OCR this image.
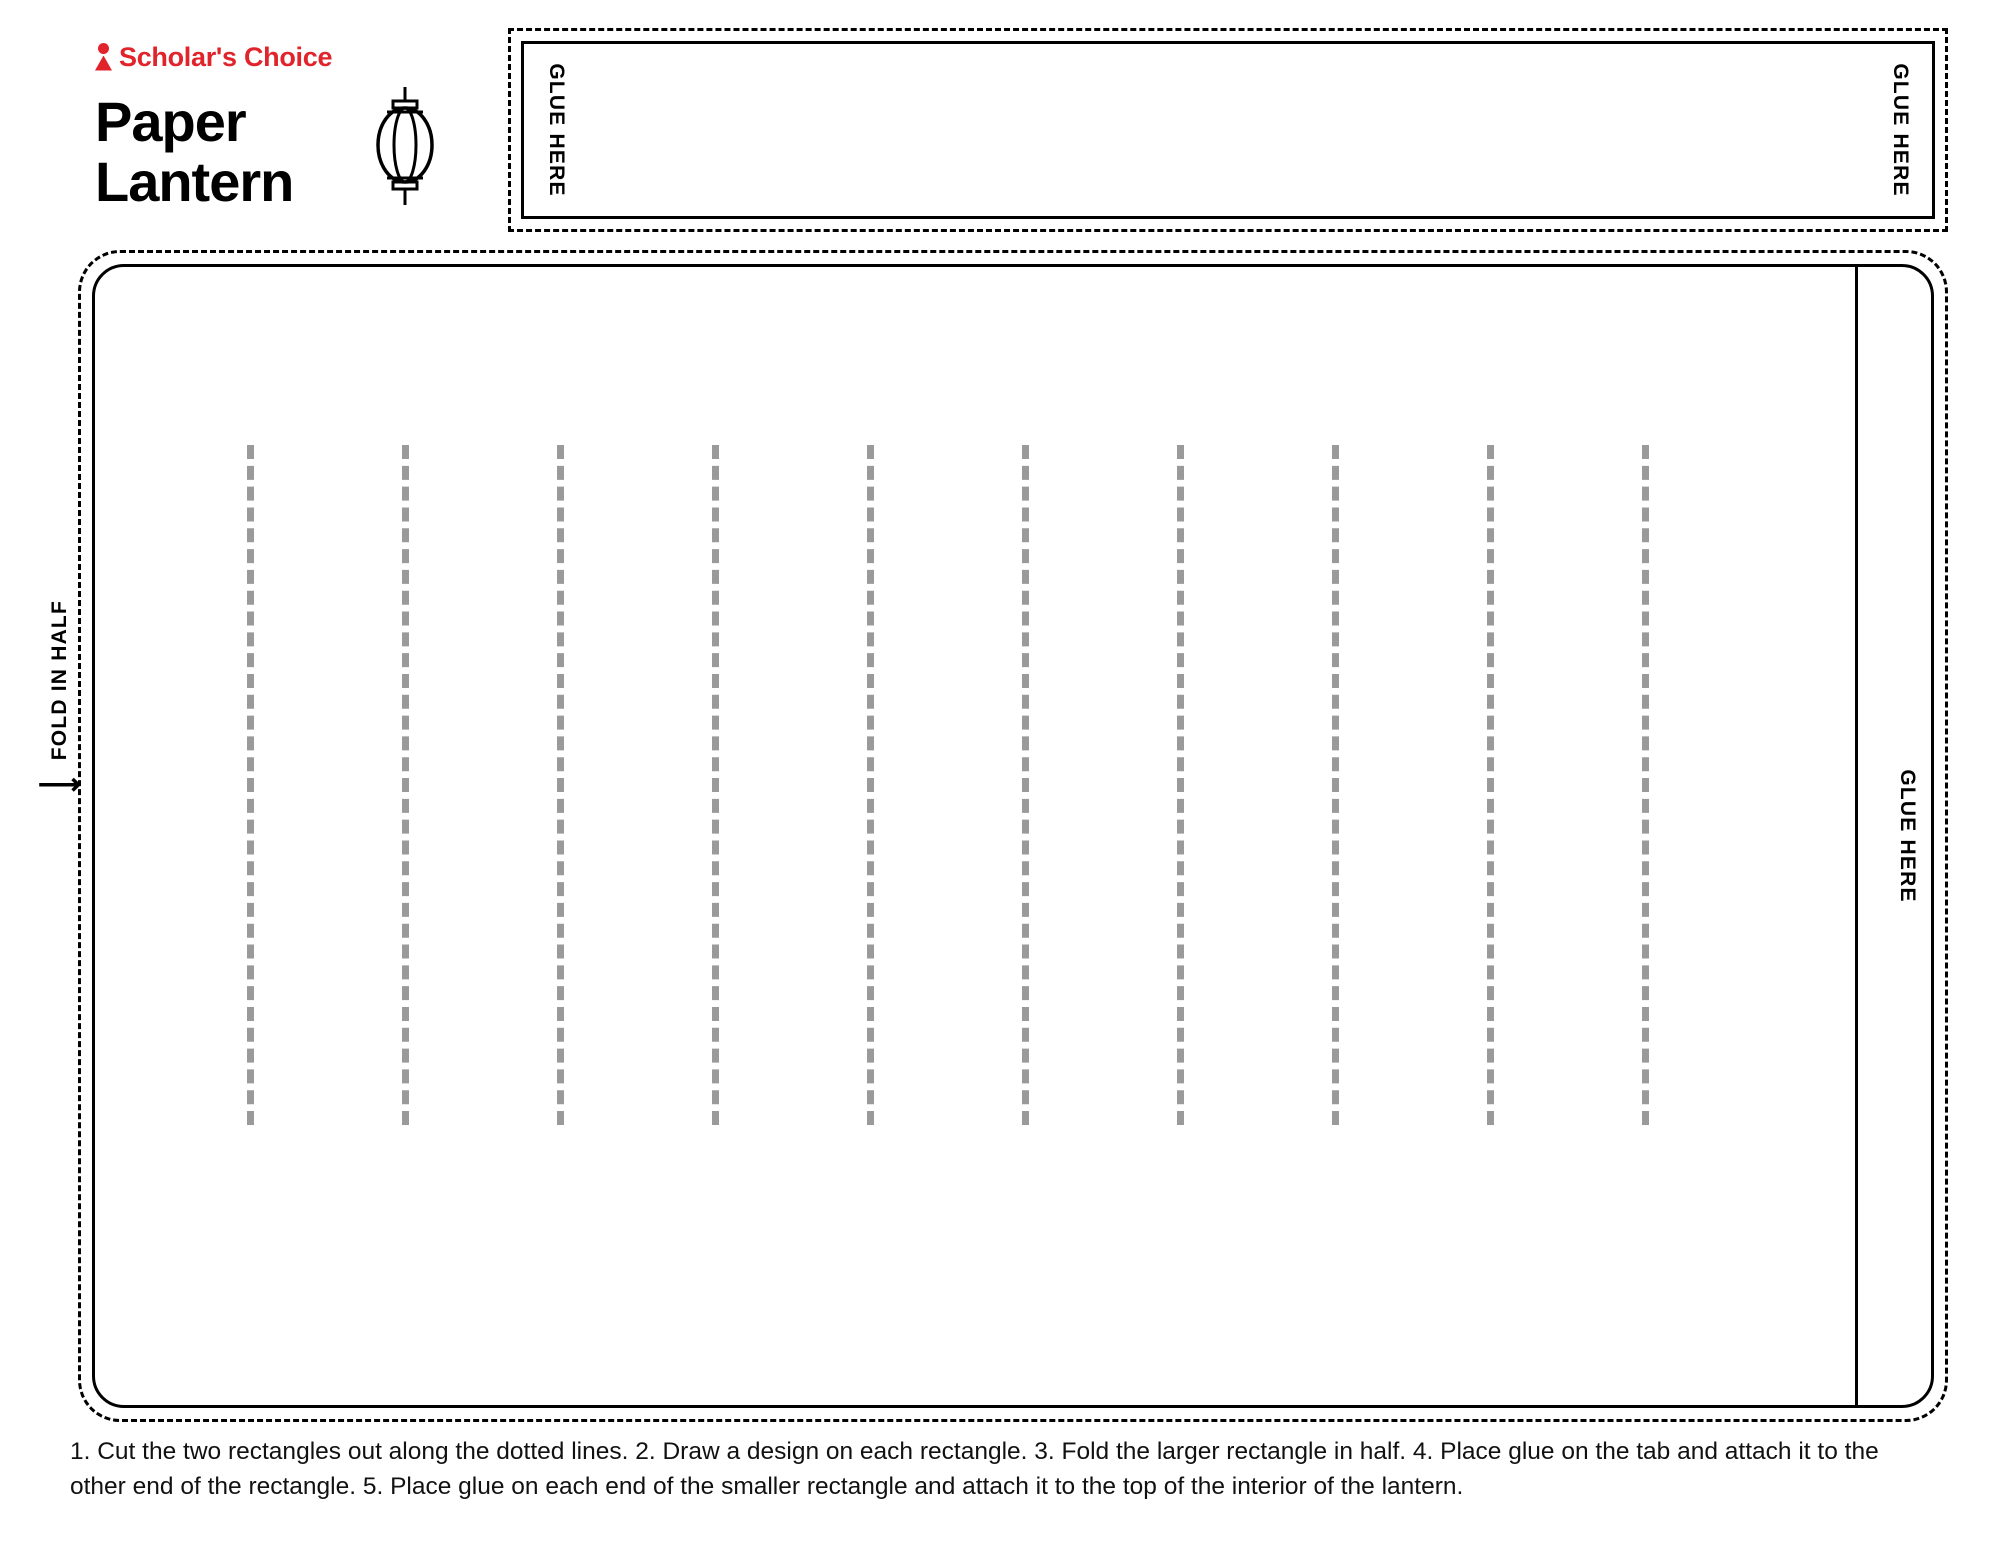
Scholar's Choice
Paper
Lantern	GLUE HERE	GLUE HERE
FOLD IN HALF
⟶	GLUE HERE
1. Cut the two rectangles out along the dotted lines. 2. Draw a design on each rectangle. 3. Fold the larger rectangle in half. 4. Place glue on the tab and attach it to the other end of the rectangle. 5. Place glue on each end of the smaller rectangle and attach it to the top of the interior of the lantern.
